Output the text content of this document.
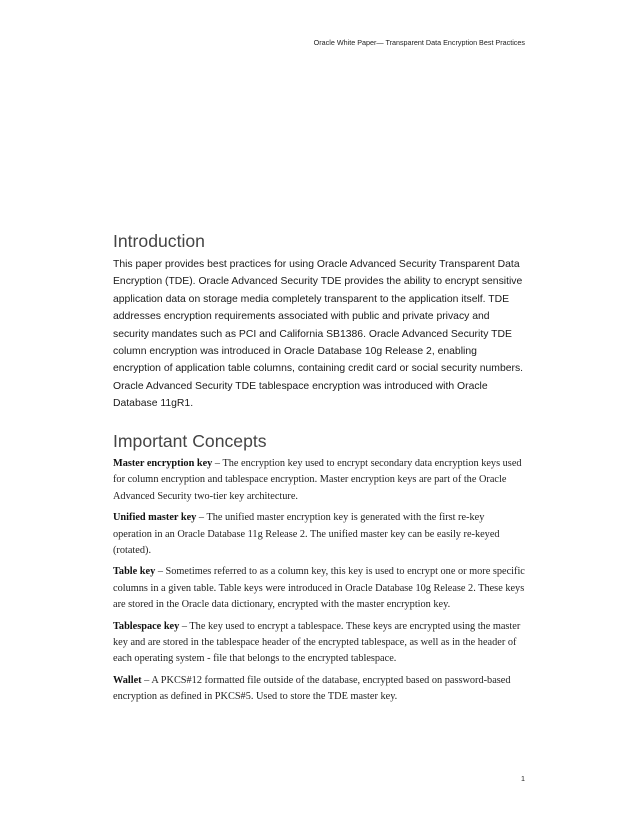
Oracle White Paper— Transparent Data Encryption Best Practices
Introduction

This paper provides best practices for using Oracle Advanced Security Transparent Data Encryption (TDE). Oracle Advanced Security TDE provides the ability to encrypt sensitive application data on storage media completely transparent to the application itself. TDE addresses encryption requirements associated with public and private privacy and security mandates such as PCI and California SB1386. Oracle Advanced Security TDE column encryption was introduced in Oracle Database 10g Release 2, enabling encryption of application table columns, containing credit card or social security numbers. Oracle Advanced Security TDE tablespace encryption was introduced with Oracle Database 11gR1.

Important Concepts
Master encryption key – The encryption key used to encrypt secondary data encryption keys used for column encryption and tablespace encryption. Master encryption keys are part of the Oracle Advanced Security two-tier key architecture.
Unified master key – The unified master encryption key is generated with the first re-key operation in an Oracle Database 11g Release 2. The unified master key can be easily re-keyed (rotated).
Table key – Sometimes referred to as a column key, this key is used to encrypt one or more specific columns in a given table. Table keys were introduced in Oracle Database 10g Release 2. These keys are stored in the Oracle data dictionary, encrypted with the master encryption key.
Tablespace key – The key used to encrypt a tablespace. These keys are encrypted using the master key and are stored in the tablespace header of the encrypted tablespace, as well as in the header of each operating system - file that belongs to the encrypted tablespace.
Wallet – A PKCS#12 formatted file outside of the database, encrypted based on password-based encryption as defined in PKCS#5. Used to store the TDE master key.
1
